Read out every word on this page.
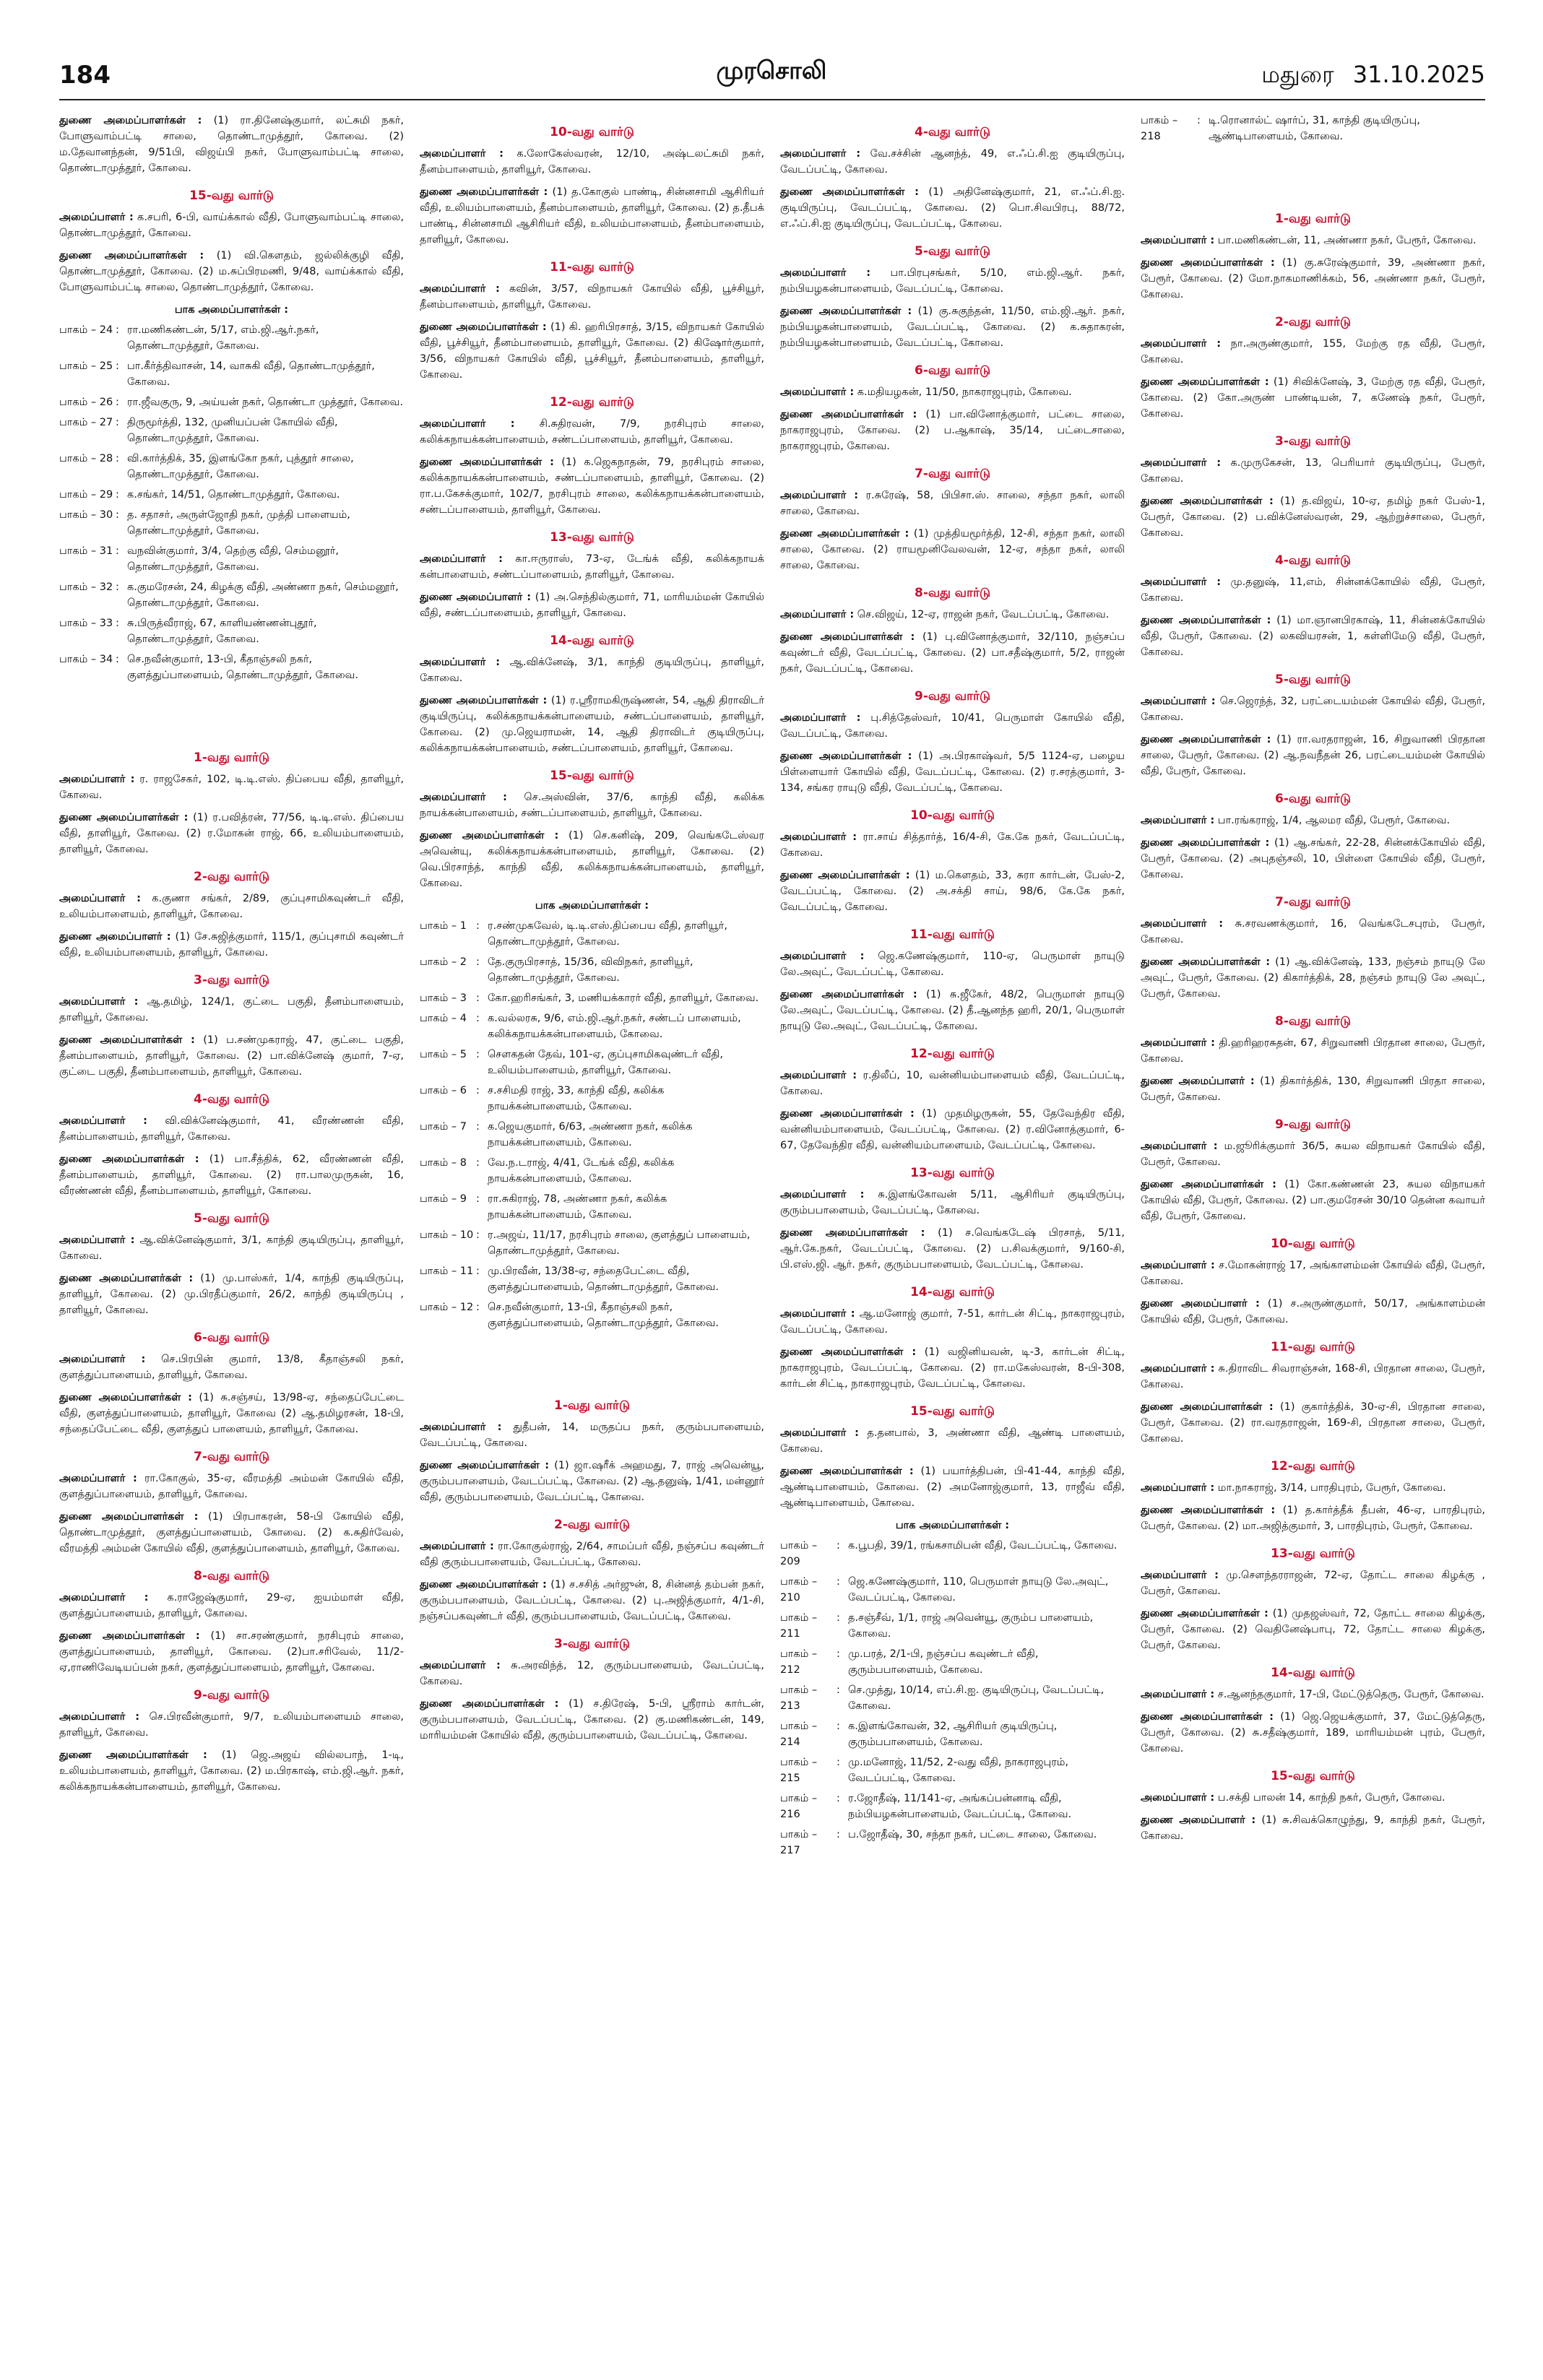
184	முரசொலி	மதுரை 31.10.2025

துணை அமைப்பாளர்கள் : (1) ரா.தினேஷ்குமார், லட்சுமி நகர், போளுவாம்பட்டி சாலை, தொண்டாமுத்தூர், கோவை. (2) ம.தேவானந்தன், 9/51பி, விஜய்பி நகர், போளுவாம்பட்டி சாலை, தொண்டாமுத்தூர், கோவை.

15-வது வார்டு

அமைப்பாளர் : க.சபரி, 6-பி, வாய்க்கால் வீதி, போளுவாம்பட்டி சாலை, தொண்டாமுத்தூர், கோவை.

துணை அமைப்பாளர்கள் : (1) வி.கௌதம், ஜல்லிக்குழி வீதி, தொண்டாமுத்தூர், கோவை. (2) ம.சுப்பிரமணி, 9/48, வாய்க்கால் வீதி, போளுவாம்பட்டி சாலை, தொண்டாமுத்தூர், கோவை.

பாக அமைப்பாளர்கள் :
பாகம் – 24 : ரா.மணிகண்டன், 5/17, எம்.ஜி.ஆர்.நகர், தொண்டாமுத்தூர், கோவை.
பாகம் – 25 : பா.கீர்த்திவாசன், 14, வாசுகி வீதி, தொண்டாமுத்தூர், கோவை.
பாகம் – 26 : ரா.ஜீவகுரு, 9, அய்யன் நகர், தொண்டா முத்தூர், கோவை.
பாகம் – 27 : திருமூர்த்தி, 132, முனியப்பன் கோயில் வீதி, தொண்டாமுத்தூர், கோவை.
பாகம் – 28 : வி.கார்த்திக், 35, இளங்கோ நகர், புத்தூர் சாலை, தொண்டாமுத்தூர், கோவை.
பாகம் – 29 : க.சங்கர், 14/51, தொண்டாமுத்தூர், கோவை.
பாகம் – 30 : த. சதாசர், அருள்ஜோதி நகர், முத்தி பாளையம், தொண்டாமுத்தூர், கோவை.
பாகம் – 31 : வநவின்குமார், 3/4, தெற்கு வீதி, செம்மனூர், தொண்டாமுத்தூர், கோவை.
பாகம் – 32 : க.குமரேசன், 24, கிழக்கு வீதி, அண்ணா நகர், செம்மனூர், தொண்டாமுத்தூர், கோவை.
பாகம் – 33 : சு.பிருத்வீராஜ், 67, காளியண்ணன்புதூர், தொண்டாமுத்தூர், கோவை.
பாகம் – 34 : செ.நவீன்குமார், 13-பி, கீதாஞ்சலி நகர், குளத்துப்பாளையம், தொண்டாமுத்தூர், கோவை.
1-வது வார்டு

அமைப்பாளர் : ர. ராஜசேகர், 102, டி.டி.எஸ். திப்பைய வீதி, தாளியூர், கோவை.

துணை அமைப்பாளர்கள் : (1) ர.பவித்ரன், 77/56, டி.டி.எஸ். திப்பைய வீதி, தாளியூர், கோவை. (2) ர.மோகன் ராஜ், 66, உலியம்பாளையம், தாளியூர், கோவை.

2-வது வார்டு

அமைப்பாளர் : க.குணா சங்கர், 2/89, குப்புசாமிகவுண்டர் வீதி, உலியம்பாளையம், தாளியூர், கோவை.

துணை அமைப்பாளர் : (1) சே.சுஜித்குமார், 115/1, குப்புசாமி கவுண்டர் வீதி, உலியம்பாளையம், தாளியூர், கோவை.

3-வது வார்டு

அமைப்பாளர் : ஆ.தமிழ், 124/1, குட்டை பகுதி, தீனம்பாளையம், தாளியூர், கோவை.

துணை அமைப்பாளர்கள் : (1) ப.சண்முகராஜ், 47, குட்டை பகுதி, தீனம்பாளையம், தாளியூர், கோவை. (2) பா.விக்னேஷ் குமார், 7-ஏ, குட்டை பகுதி, தீனம்பாளையம், தாளியூர், கோவை.

4-வது வார்டு

அமைப்பாளர் : வி.விக்னேஷ்குமார், 41, வீரண்ணன் வீதி, தீனம்பாளையம், தாளியூர், கோவை.

துணை அமைப்பாளர்கள் : (1) பா.சீத்திக், 62, வீரண்ணன் வீதி, தீனம்பாளையம், தாளியூர், கோவை. (2) ரா.பாலமுருகன், 16, வீரண்ணன் வீதி, தீனம்பாளையம், தாளியூர், கோவை.

5-வது வார்டு

அமைப்பாளர் : ஆ.விக்னேஷ்குமார், 3/1, காந்தி குடியிருப்பு, தாளியூர், கோவை.

துணை அமைப்பாளர்கள் : (1) மு.பாஸ்கர், 1/4, காந்தி குடியிருப்பு, தாளியூர், கோவை. (2) மு.பிரதீப்குமார், 26/2, காந்தி குடியிருப்பு , தாளியூர், கோவை.

6-வது வார்டு

அமைப்பாளர் : செ.பிரபின் குமார், 13/8, கீதாஞ்சலி நகர், குளத்துப்பாளையம், தாளியூர், கோவை.

துணை அமைப்பாளர்கள் : (1) சு.சஞ்சய், 13/98-ஏ, சந்தைப்பேட்டை வீதி, குளத்துப்பாளையம், தாளியூர், கோவை (2) ஆ.தமிழரசன், 18-பி, சந்தைப்பேட்டை வீதி, குளத்துப் பாளையம், தாளியூர், கோவை.

7-வது வார்டு

அமைப்பாளர் : ரா.கோகுல், 35-ஏ, வீரமத்தி அம்மன் கோயில் வீதி, குளத்துப்பாளையம், தாளியூர், கோவை.

துணை அமைப்பாளர்கள் : (1) பிரபாகரன், 58-பி கோயில் வீதி, தொண்டாமுத்தூர், குளத்துப்பாளையம், கோவை. (2) க.சுதிர்வேல், வீரமத்தி அம்மன் கோயில் வீதி, குளத்துப்பாளையம், தாளியூர், கோவை.

8-வது வார்டு

அமைப்பாளர் : க.ராஜேஷ்குமார், 29-ஏ, ஐயம்மாள் வீதி, குளத்துப்பாளையம், தாளியூர், கோவை.

துணை அமைப்பாளர்கள் : (1) சா.சரண்குமார், நரசிபுரம் சாலை, குளத்துப்பாளையம், தாளியூர், கோவை. (2)பா.சரிவேல், 11/2-ஏ,ராணிவேடியப்பன் நகர், குளத்துப்பாளையம், தாளியூர், கோவை.

9-வது வார்டு

அமைப்பாளர் : செ.பிரவீன்குமார், 9/7, உலியம்பாளையம் சாலை, தாளியூர், கோவை.

துணை அமைப்பாளர்கள் : (1) ஜெ.அஜய் வில்லபாந், 1-டி, உலியம்பாளையம், தாளியூர், கோவை. (2) ம.பிரகாஷ், எம்.ஜி.ஆர். நகர், கலிக்கநாயக்கன்பாளையம், தாளியூர், கோவை.

10-வது வார்டு

அமைப்பாளர் : க.லோகேஸ்வரன், 12/10, அஷ்டலட்சுமி நகர், தீனம்பாளையம், தாளியூர், கோவை.

துணை அமைப்பாளர்கள் : (1) த.கோகுல் பாண்டி, சின்னசாமி ஆசிரியர் வீதி, உலியம்பாளையம், தீனம்பாளையம், தாளியூர், கோவை. (2) த.தீபக் பாண்டி, சின்னசாமி ஆசிரியர் வீதி, உலியம்பாளையம், தீனம்பாளையம், தாளியூர், கோவை.

11-வது வார்டு

அமைப்பாளர் : கவின், 3/57, விநாயகர் கோயில் வீதி, பூச்சியூர், தீனம்பாளையம், தாளியூர், கோவை.

துணை அமைப்பாளர்கள் : (1) கி. ஹரிபிரசாத், 3/15, விநாயகர் கோயில் வீதி, பூச்சியூர், தீனம்பாளையம், தாளியூர், கோவை. (2) கிஷோர்குமார், 3/56, விநாயகர் கோயில் வீதி, பூச்சியூர், தீனம்பாளையம், தாளியூர், கோவை.

12-வது வார்டு

அமைப்பாளர் : சி.சுதிரவன், 7/9, நரசிபுரம் சாலை, கலிக்கநாயக்கன்பாளையம், சண்டப்பாளையம், தாளியூர், கோவை.

துணை அமைப்பாளர்கள் : (1) க.ஜெகநாதன், 79, நரசிபுரம் சாலை, கலிக்கநாயக்கன்பாளையம், சண்டப்பாளையம், தாளியூர், கோவை. (2) ரா.ப.கேசக்குமார், 102/7, நரசிபுரம் சாலை, கலிக்கநாயக்கன்பாளையம், சண்டப்பாளையம், தாளியூர், கோவை.

13-வது வார்டு

அமைப்பாளர் : கா.ஈருராஸ், 73-ஏ, டேங்க் வீதி, கலிக்கநாயக் கன்பாளையம், சண்டப்பாளையம், தாளியூர், கோவை.

துணை அமைப்பாளர் : (1) அ.செந்தில்குமார், 71, மாரியம்மன் கோயில் வீதி, சண்டப்பாளையம், தாளியூர், கோவை.

14-வது வார்டு

அமைப்பாளர் : ஆ.விக்னேஷ், 3/1, காந்தி குடியிருப்பு, தாளியூர், கோவை.

துணை அமைப்பாளர்கள் : (1) ர.ஸ்ரீராமகிருஷ்ணன், 54, ஆதி திராவிடர் குடியிருப்பு, கலிக்கநாயக்கன்பாளையம், சண்டப்பாளையம், தாளியூர், கோவை. (2) மு.ஜெயராமன், 14, ஆதி திராவிடர் குடியிருப்பு, கலிக்கநாயக்கன்பாளையம், சண்டப்பாளையம், தாளியூர், கோவை.

15-வது வார்டு

அமைப்பாளர் : செ.அஸ்வின், 37/6, காந்தி வீதி, கலிக்க நாயக்கன்பாளையம், சண்டப்பாளையம், தாளியூர், கோவை.

துணை அமைப்பாளர்கள் : (1) செ.கனிஷ், 209, வெங்கடேஸ்வர அவென்யு, கலிக்கநாயக்கன்பாளையம், தாளியூர், கோவை. (2) வெ.பிரசாந்த், காந்தி வீதி, கலிக்கநாயக்கன்பாளையம், தாளியூர், கோவை.

பாக அமைப்பாளர்கள் :
பாகம் – 1 : ர.சண்முகவேல், டி.டி.எஸ்.திப்பைய வீதி, தாளியூர், தொண்டாமுத்தூர், கோவை.
பாகம் – 2 : தே.குருபிரசாத், 15/36, விவிநகர், தாளியூர், தொண்டாமுத்தூர், கோவை.
பாகம் – 3 : கோ.ஹரிசங்கர், 3, மணியக்காரர் வீதி, தாளியூர், கோவை.
பாகம் – 4 : க.வல்லரசு, 9/6, எம்.ஜி.ஆர்.நகர், சண்டப் பாளையம், கலிக்கநாயக்கன்பாளையம், கோவை.
பாகம் – 5 : சௌகதன் தேவ், 101-ஏ, குப்புசாமிகவுண்டர் வீதி, உலியம்பாளையம், தாளியூர், கோவை.
பாகம் – 6 : ச.சசிமதி ராஜ், 33, காந்தி வீதி, கலிக்க நாயக்கன்பாளையம், கோவை.
பாகம் – 7 : க.ஜெயகுமார், 6/63, அண்ணா நகர், கலிக்க நாயக்கன்பாளையம், கோவை.
பாகம் – 8 : வே.ந.டராஜ், 4/41, டேங்க் வீதி, கலிக்க நாயக்கன்பாளையம், கோவை.
பாகம் – 9 : ரா.சுகிராஜ், 78, அண்ணா நகர், கலிக்க நாயக்கன்பாளையம், கோவை.
பாகம் – 10 : ர.அஜய், 11/17, நரசிபுரம் சாலை, குளத்துப் பாளையம், தொண்டாமுத்தூர், கோவை.
பாகம் – 11 : மு.பிரவீன், 13/38-ஏ, சந்தைபேட்டை வீதி, குளத்துப்பாளையம், தொண்டாமுத்தூர், கோவை.
பாகம் – 12 : செ.நவீன்குமார், 13-பி, கீதாஞ்சலி நகர், குளத்துப்பாளையம், தொண்டாமுத்தூர், கோவை.
1-வது வார்டு

அமைப்பாளர் : துதீபன், 14, மருதப்ப நகர், குரும்பபாளையம், வேடப்பட்டி, கோவை.

துணை அமைப்பாளர்கள் : (1) ஜா.ஷரீக் அஹமது, 7, ராஜ் அவென்யூ, குரும்பபாளையம், வேடப்பட்டி, கோவை. (2) ஆ.தனுஷ், 1/41, மன்னூர் வீதி, குரும்பபாளையம், வேடப்பட்டி, கோவை.

2-வது வார்டு

அமைப்பாளர் : ரா.கோகுல்ராஜ், 2/64, சாமப்பர் வீதி, நஞ்சப்ப கவுண்டர் வீதி குரும்பபாளையம், வேடப்பட்டி, கோவை.

துணை அமைப்பாளர்கள் : (1) ச.சசித் அர்ஜுன், 8, சின்னத் தம்பன் நகர், குரும்பபாளையம், வேடப்பட்டி, கோவை. (2) பு.அஜித்குமார், 4/1-சி, நஞ்சப்பகவுண்டர் வீதி, குரும்பபாளையம், வேடப்பட்டி, கோவை.

3-வது வார்டு

அமைப்பாளர் : சு.அரவிந்த், 12, குரும்பபாளையம், வேடப்பட்டி, கோவை.

துணை அமைப்பாளர்கள் : (1) ச.திரேஷ், 5-பி, ஸ்ரீராம் கார்டன், குரும்பபாளையம், வேடப்பட்டி, கோவை. (2) கு.மணிகண்டன், 149, மாரியம்மன் கோயில் வீதி, குரும்பபாளையம், வேடப்பட்டி, கோவை.

4-வது வார்டு

அமைப்பாளர் : வே.சச்சின் ஆனந்த், 49, எ.ஃப்.சி.ஐ குடியிருப்பு, வேடப்பட்டி, கோவை.

துணை அமைப்பாளர்கள் : (1) அதினேஷ்குமார், 21, எ.ஃப்.சி.ஐ. குடியிருப்பு, வேடப்பட்டி, கோவை. (2) பொ.சிவபிரபு, 88/72, எ.ஃப்.சி.ஐ குடியிருப்பு, வேடப்பட்டி, கோவை.

5-வது வார்டு

அமைப்பாளர் : பா.பிரபுசங்கர், 5/10, எம்.ஜி.ஆர். நகர், நம்பியழகன்பாளையம், வேடப்பட்டி, கோவை.

துணை அமைப்பாளர்கள் : (1) கு.சுகுந்தன், 11/50, எம்.ஜி.ஆர். நகர், நம்பியழகன்பாளையம், வேடப்பட்டி, கோவை. (2) க.சுதாகரன், நம்பியழகன்பாளையம், வேடப்பட்டி, கோவை.

6-வது வார்டு

அமைப்பாளர் : க.மதியழகன், 11/50, நாகராஜபுரம், கோவை.

துணை அமைப்பாளர்கள் : (1) பா.வினோத்குமார், பட்டை சாலை, நாகராஜபுரம், கோவை. (2) ப.ஆகாஷ், 35/14, பட்டைசாலை, நாகராஜபுரம், கோவை.

7-வது வார்டு

அமைப்பாளர் : ர.சுரேஷ், 58, பிபிசா.ஸ். சாலை, சந்தா நகர், லாலி சாலை, கோவை.

துணை அமைப்பாளர்கள் : (1) முத்தியமூர்த்தி, 12-சி, சந்தா நகர், லாலி சாலை, கோவை. (2) ராயமூனிவேலவன், 12-ஏ, சந்தா நகர், லாலி சாலை, கோவை.

8-வது வார்டு

அமைப்பாளர் : செ.விஜய், 12-ஏ, ராஜன் நகர், வேடப்பட்டி, கோவை.

துணை அமைப்பாளர்கள் : (1) பு.வினோத்குமார், 32/110, நஞ்சப்ப கவுண்டர் வீதி, வேடப்பட்டி, கோவை. (2) பா.சதீஷ்குமார், 5/2, ராஜன் நகர், வேடப்பட்டி, கோவை.

9-வது வார்டு

அமைப்பாளர் : பு.சித்தேஸ்வர், 10/41, பெருமாள் கோயில் வீதி, வேடப்பட்டி, கோவை.

துணை அமைப்பாளர்கள் : (1) அ.பிரகாஷ்வர், 5/5 1124-ஏ, பழைய பிள்ளையார் கோயில் வீதி, வேடப்பட்டி, கோவை. (2) ர.சரத்குமார், 3-134, சங்கர ராயுடு வீதி, வேடப்பட்டி, கோவை.

10-வது வார்டு

அமைப்பாளர் : ரா.சாய் சித்தார்த், 16/4-சி, கே.கே நகர், வேடப்பட்டி, கோவை.

துணை அமைப்பாளர்கள் : (1) ம.கௌதம், 33, சுரா கார்டன், பேஸ்-2, வேடப்பட்டி, கோவை. (2) அ.சக்தி சாய், 98/6, கே.கே நகர், வேடப்பட்டி, கோவை.

11-வது வார்டு

அமைப்பாளர் : ஜெ.கணேஷ்குமார், 110-ஏ, பெருமாள் நாயுடு லே.அவுட், வேடப்பட்டி, கோவை.

துணை அமைப்பாளர்கள் : (1) சு.ஜீகேர், 48/2, பெருமாள் நாயுடு லே.அவுட், வேடப்பட்டி, கோவை. (2) தீ.ஆனந்த ஹரி, 20/1, பெருமாள் நாயுடு லே.அவுட், வேடப்பட்டி, கோவை.

12-வது வார்டு

அமைப்பாளர் : ர.திலீப், 10, வன்னியம்பாளையம் வீதி, வேடப்பட்டி, கோவை.

துணை அமைப்பாளர்கள் : (1) முதமிழருகன், 55, தேவேந்திர வீதி, வன்னியம்பாளையம், வேடப்பட்டி, கோவை. (2) ர.வினோத்குமார், 6-67, தேவேந்திர வீதி, வன்னியம்பாளையம், வேடப்பட்டி, கோவை.

13-வது வார்டு

அமைப்பாளர் : சு.இளங்கோவன் 5/11, ஆசிரியர் குடியிருப்பு, குரும்பபாளையம், வேடப்பட்டி, கோவை.

துணை அமைப்பாளர்கள் : (1) ச.வெங்கடேஷ் பிரசாத், 5/11, ஆர்.கே.நகர், வேடப்பட்டி, கோவை. (2) ப.சிவக்குமார், 9/160-சி, பி.எஸ்.ஜி. ஆர். நகர், குரும்பபாளையம், வேடப்பட்டி, கோவை.

14-வது வார்டு

அமைப்பாளர் : ஆ.மனோஜ் குமார், 7-51, கார்டன் சிட்டி, நாகராஜபுரம், வேடப்பட்டி, கோவை.

துணை அமைப்பாளர்கள் : (1) வஜினியவன், டி-3, கார்டன் சிட்டி, நாகராஜபுரம், வேடப்பட்டி, கோவை. (2) ரா.மகேஸ்வரன், 8-பி-308, கார்டன் சிட்டி, நாகராஜபுரம், வேடப்பட்டி, கோவை.

15-வது வார்டு

அமைப்பாளர் : த.தனபால், 3, அண்ணா வீதி, ஆண்டி பாளையம், கோவை.

துணை அமைப்பாளர்கள் : (1) பயார்த்திபன், பி-41-44, காந்தி வீதி, ஆண்டிபாளையம், கோவை. (2) அமனோஜ்குமார், 13, ராஜீவ் வீதி, ஆண்டிபாளையம், கோவை.

பாக அமைப்பாளர்கள் :
பாகம் – 209
: க.பூபதி, 39/1, ரங்கசாமிபன் வீதி, வேடப்பட்டி, கோவை.
பாகம் – 210
: ஜெ.கணேஷ்குமார், 110, பெருமாள் நாயுடு லே.அவுட், வேடப்பட்டி, கோவை.
பாகம் – 211
: த.சஞ்சீவ், 1/1, ராஜ் அவென்யூ, குரும்ப பாளையம், கோவை.
பாகம் – 212
: மு.பரத், 2/1-பி, நஞ்சப்ப கவுண்டர் வீதி, குரும்பபாளையம், கோவை.
பாகம் – 213
: செ.முத்து, 10/14, எப்.சி.ஐ. குடியிருப்பு, வேடப்பட்டி, கோவை.
பாகம் – 214
: க.இளங்கோவன், 32, ஆசிரியர் குடியிருப்பு, குரும்பபாளையம், கோவை.
பாகம் – 215
: மு.மனோஜ், 11/52, 2-வது வீதி, நாகராஜபுரம், வேடப்பட்டி, கோவை.
பாகம் – 216
: ர.ஜோதீஷ், 11/141-ஏ, அங்கப்பன்னாடி வீதி, நம்பியழகன்பாளையம், வேடப்பட்டி, கோவை.
பாகம் – 217
: ப.ஜோதீஷ், 30, சந்தா நகர், பட்டை சாலை, கோவை.
பாகம் – 218
: டி.ரொனால்ட் ஷார்ப், 31, காந்தி குடியிருப்பு, ஆண்டிபாளையம், கோவை.
1-வது வார்டு

அமைப்பாளர் : பா.மணிகண்டன், 11, அண்ணா நகர், பேரூர், கோவை.

துணை அமைப்பாளர்கள் : (1) கு.சுரேஷ்குமார், 39, அண்ணா நகர், பேரூர், கோவை. (2) மோ.நாகமாணிக்கம், 56, அண்ணா நகர், பேரூர், கோவை.

2-வது வார்டு

அமைப்பாளர் : நா.அருண்குமார், 155, மேற்கு ரத வீதி, பேரூர், கோவை.

துணை அமைப்பாளர்கள் : (1) சிவிக்னேஷ், 3, மேற்கு ரத வீதி, பேரூர், கோவை. (2) கோ.அருண் பாண்டியன், 7, கணேஷ் நகர், பேரூர், கோவை.

3-வது வார்டு

அமைப்பாளர் : க.முருகேசன், 13, பெரியார் குடியிருப்பு, பேரூர், கோவை.

துணை அமைப்பாளர்கள் : (1) த.விஜய், 10-ஏ, தமிழ் நகர் பேஸ்-1, பேரூர், கோவை. (2) ப.விக்னேஸ்வரன், 29, ஆற்றுச்சாலை, பேரூர், கோவை.

4-வது வார்டு

அமைப்பாளர் : மு.தனுஷ், 11,எம், சின்னக்கோயில் வீதி, பேரூர், கோவை.

துணை அமைப்பாளர்கள் : (1) மா.ஞானபிரகாஷ், 11, சின்னக்கோயில் வீதி, பேரூர், கோவை. (2) லகவியரசன், 1, கள்ளிமேடு வீதி, பேரூர், கோவை.

5-வது வார்டு

அமைப்பாளர் : செ.ஜெரந்த், 32, பரட்டையம்மன் கோயில் வீதி, பேரூர், கோவை.

துணை அமைப்பாளர்கள் : (1) ரா.வரதராஜன், 16, சிறுவாணி பிரதான சாலை, பேரூர், கோவை. (2) ஆ.நவநீதன் 26, பரட்டையம்மன் கோயில் வீதி, பேரூர், கோவை.

6-வது வார்டு

அமைப்பாளர் : பா.ரங்கராஜ், 1/4, ஆலமர வீதி, பேரூர், கோவை.

துணை அமைப்பாளர்கள் : (1) ஆ.சங்கர், 22-28, சின்னக்கோயில் வீதி, பேரூர், கோவை. (2) அபுதஞ்சலி, 10, பிள்ளை கோயில் வீதி, பேரூர், கோவை.

7-வது வார்டு

அமைப்பாளர் : சு.சரவணக்குமார், 16, வெங்கடேசபுரம், பேரூர், கோவை.

துணை அமைப்பாளர்கள் : (1) ஆ.விக்னேஷ், 133, நஞ்சம் நாயுடு லே அவுட், பேரூர், கோவை. (2) கிகார்த்திக், 28, நஞ்சம் நாயுடு லே அவுட், பேரூர், கோவை.

8-வது வார்டு

அமைப்பாளர் : தி.ஹரிஹரசுதன், 67, சிறுவாணி பிரதான சாலை, பேரூர், கோவை.

துணை அமைப்பாளர் : (1) திகார்த்திக், 130, சிறுவாணி பிரதா சாலை, பேரூர், கோவை.

9-வது வார்டு

அமைப்பாளர் : ம.ஜூரிக்குமார் 36/5, சுயல விநாயகர் கோயில் வீதி, பேரூர், கோவை.

துணை அமைப்பாளர்கள் : (1) கோ.கண்ணன் 23, சுயல விநாயகர் கோயில் வீதி, பேரூர், கோவை. (2) பா.குமரேசன் 30/10 தென்ன கவாயர் வீதி, பேரூர், கோவை.

10-வது வார்டு

அமைப்பாளர் : ச.மோகன்ராஜ் 17, அங்காளம்மன் கோயில் வீதி, பேரூர், கோவை.

துணை அமைப்பாளர் : (1) ச.அருண்குமார், 50/17, அங்காளம்மன் கோயில் வீதி, பேரூர், கோவை.

11-வது வார்டு

அமைப்பாளர் : சு.திராவிட சிவராஞ்சன், 168-சி, பிரதான சாலை, பேரூர், கோவை.

துணை அமைப்பாளர்கள் : (1) குகார்த்திக், 30-ஏ-சி, பிரதான சாலை, பேரூர், கோவை. (2) ரா.வரதராஜன், 169-சி, பிரதான சாலை, பேரூர், கோவை.

12-வது வார்டு

அமைப்பாளர் : மா.நாகராஜ், 3/14, பாரதிபுரம், பேரூர், கோவை.

துணை அமைப்பாளர்கள் : (1) த.கார்த்தீக் தீபன், 46-ஏ, பாரதிபுரம், பேரூர், கோவை. (2) மா.அஜித்குமார், 3, பாரதிபுரம், பேரூர், கோவை.

13-வது வார்டு

அமைப்பாளர் : மு.சௌந்தரராஜன், 72-ஏ, தோட்ட சாலை கிழக்கு , பேரூர், கோவை.

துணை அமைப்பாளர்கள் : (1) முதஜஸ்வர், 72, தோட்ட சாலை கிழக்கு, பேரூர், கோவை. (2) வெதினேஷ்பாபு, 72, தோட்ட சாலை கிழக்கு, பேரூர், கோவை.

14-வது வார்டு

அமைப்பாளர் : ச.ஆனந்தகுமார், 17-பி, மேட்டுத்தெரு, பேரூர், கோவை.

துணை அமைப்பாளர்கள் : (1) ஜெ.ஜெயக்குமார், 37, மேட்டுத்தெரு, பேரூர், கோவை. (2) சு.சதீஷ்குமார், 189, மாரியம்மன் புரம், பேரூர், கோவை.

15-வது வார்டு

அமைப்பாளர் : ப.சக்தி பாலன் 14, காந்தி நகர், பேரூர், கோவை.

துணை அமைப்பாளர் : (1) சு.சிவக்கொழுந்து, 9, காந்தி நகர், பேரூர், கோவை.
